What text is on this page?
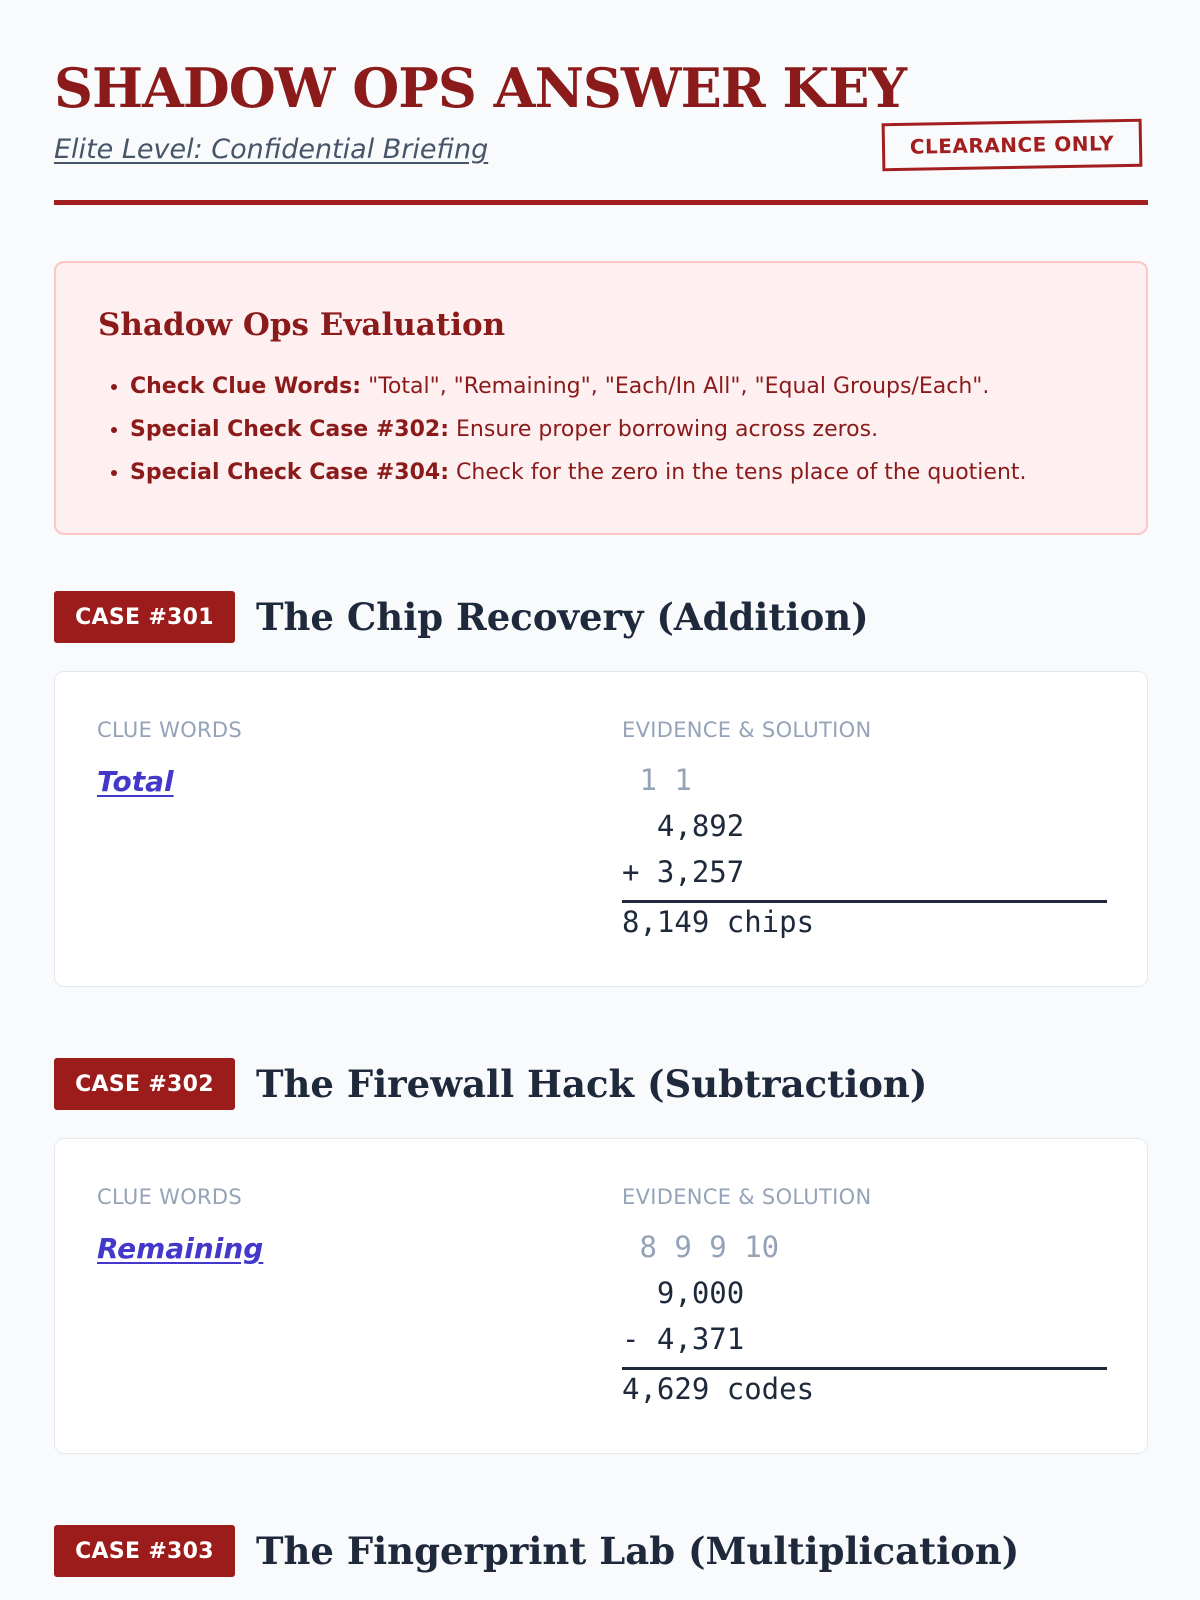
SHADOW OPS ANSWER KEY
Elite Level: Confidential Briefing	CLEARANCE ONLY
Shadow Ops Evaluation
• Check Clue Words: "Total", "Remaining", "Each/In All", "Equal Groups/Each".
• Special Check Case #302: Ensure proper borrowing across zeros.
• Special Check Case #304: Check for the zero in the tens place of the quotient.
CASE #301	The Chip Recovery (Addition)
CLUE WORDS	EVIDENCE & SOLUTION
Total	1 1
4,892
+ 3,257
8,149 chips
CASE #302	The Firewall Hack (Subtraction)
CLUE WORDS	EVIDENCE & SOLUTION
Remaining	8 9 9 10
9,000
- 4,371
4,629 codes
CASE #303	The Fingerprint Lab (Multiplication)
